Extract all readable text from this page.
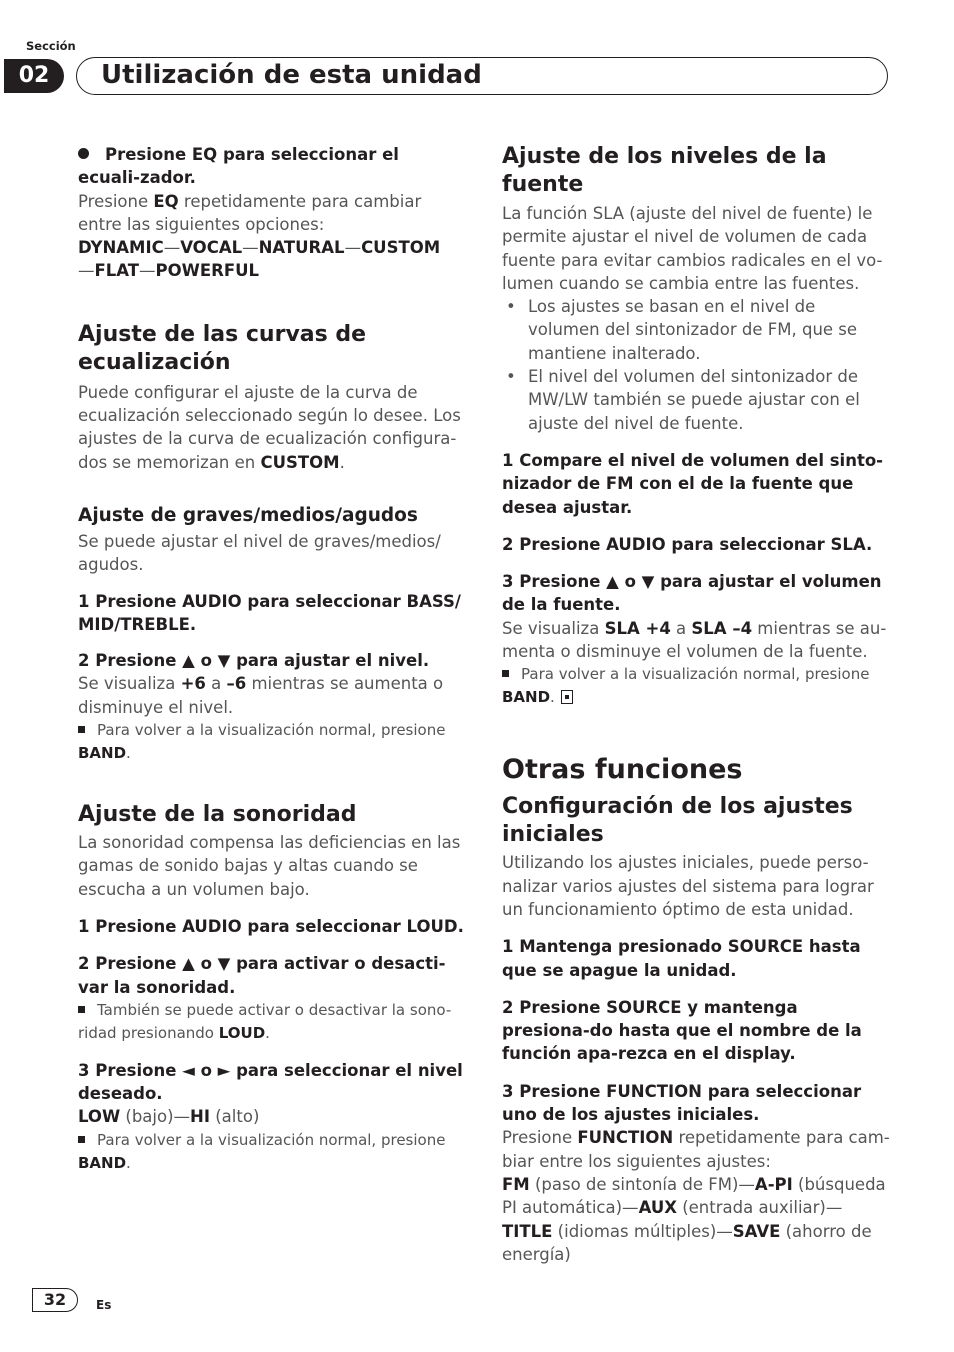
Sección
02	Utilización de esta unidad

Presione EQ para seleccionar el ecuali-zador.

Presione EQ repetidamente para cambiar entre las siguientes opciones:

DYNAMIC—VOCAL—NATURAL—CUSTOM
—FLAT—POWERFUL

Ajuste de las curvas de ecualización

Puede configurar el ajuste de la curva de ecualización seleccionado según lo desee. Los ajustes de la curva de ecualización configura-dos se memorizan en CUSTOM.

Ajuste de graves/medios/agudos

Se puede ajustar el nivel de graves/medios/ agudos.

1 Presione AUDIO para seleccionar BASS/ MID/TREBLE.

2 Presione ▲ o ▼ para ajustar el nivel.

Se visualiza +6 a –6 mientras se aumenta o disminuye el nivel.

Para volver a la visualización normal, presione BAND.

Ajuste de la sonoridad

La sonoridad compensa las deficiencias en las gamas de sonido bajas y altas cuando se escucha a un volumen bajo.

1 Presione AUDIO para seleccionar LOUD.

2 Presione ▲ o ▼ para activar o desacti-var la sonoridad.

También se puede activar o desactivar la sono-ridad presionando LOUD.

3 Presione ◄ o ► para seleccionar el nivel deseado.

LOW (bajo)—HI (alto)

Para volver a la visualización normal, presione BAND.

Ajuste de los niveles de la fuente

La función SLA (ajuste del nivel de fuente) le permite ajustar el nivel de volumen de cada fuente para evitar cambios radicales en el vo-lumen cuando se cambia entre las fuentes.

• Los ajustes se basan en el nivel de volumen del sintonizador de FM, que se mantiene inalterado.

• El nivel del volumen del sintonizador de MW/LW también se puede ajustar con el ajuste del nivel de fuente.

1 Compare el nivel de volumen del sinto-nizador de FM con el de la fuente que desea ajustar.

2 Presione AUDIO para seleccionar SLA.

3 Presione ▲ o ▼ para ajustar el volumen de la fuente.

Se visualiza SLA +4 a SLA –4 mientras se au-menta o disminuye el volumen de la fuente.

Para volver a la visualización normal, presione BAND.

Otras funciones
Configuración de los ajustes iniciales

Utilizando los ajustes iniciales, puede perso-nalizar varios ajustes del sistema para lograr un funcionamiento óptimo de esta unidad.

1 Mantenga presionado SOURCE hasta que se apague la unidad.

2 Presione SOURCE y mantenga presiona-do hasta que el nombre de la función apa-rezca en el display.

3 Presione FUNCTION para seleccionar uno de los ajustes iniciales.

Presione FUNCTION repetidamente para cam-biar entre los siguientes ajustes:

FM (paso de sintonía de FM)—A-PI (búsqueda PI automática)—AUX (entrada auxiliar)—TITLE (idiomas múltiples)—SAVE (ahorro de energía)

32	Es
